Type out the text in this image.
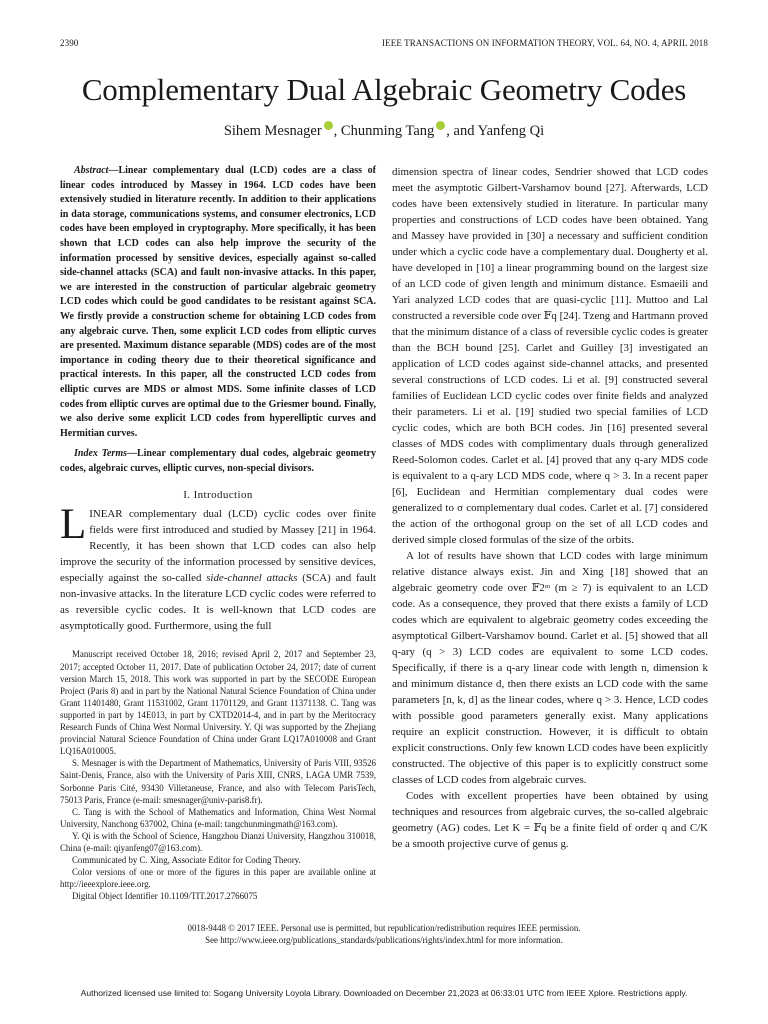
2390	IEEE TRANSACTIONS ON INFORMATION THEORY, VOL. 64, NO. 4, APRIL 2018
Complementary Dual Algebraic Geometry Codes
Sihem Mesnager , Chunming Tang , and Yanfeng Qi

Abstract—Linear complementary dual (LCD) codes are a class of linear codes introduced by Massey in 1964. LCD codes have been extensively studied in literature recently. In addition to their applications in data storage, communications systems, and consumer electronics, LCD codes have been employed in cryptography. More specifically, it has been shown that LCD codes can also help improve the security of the information processed by sensitive devices, especially against so-called side-channel attacks (SCA) and fault non-invasive attacks. In this paper, we are interested in the construction of particular algebraic geometry LCD codes which could be good candidates to be resistant against SCA. We firstly provide a construction scheme for obtaining LCD codes from any algebraic curve. Then, some explicit LCD codes from elliptic curves are presented. Maximum distance separable (MDS) codes are of the most importance in coding theory due to their theoretical significance and practical interests. In this paper, all the constructed LCD codes from elliptic curves are MDS or almost MDS. Some infinite classes of LCD codes from elliptic curves are optimal due to the Griesmer bound. Finally, we also derive some explicit LCD codes from hyperelliptic curves and Hermitian curves.

Index Terms—Linear complementary dual codes, algebraic geometry codes, algebraic curves, elliptic curves, non-special divisors.

I. Introduction

LINEAR complementary dual (LCD) cyclic codes over finite fields were first introduced and studied by Massey [21] in 1964. Recently, it has been shown that LCD codes can also help improve the security of the information processed by sensitive devices, especially against the so-called side-channel attacks (SCA) and fault non-invasive attacks. In the literature LCD cyclic codes were referred to as reversible cyclic codes. It is well-known that LCD codes are asymptotically good. Furthermore, using the full

Manuscript received October 18, 2016; revised April 2, 2017 and September 23, 2017; accepted October 11, 2017. Date of publication October 24, 2017; date of current version March 15, 2018. This work was supported in part by the SECODE European Project (Paris 8) and in part by the National Natural Science Foundation of China under Grant 11401480, Grant 11531002, Grant 11701129, and Grant 11371138. C. Tang was supported in part by 14E013, in part by CXTD2014-4, and in part by the Meritocracy Research Funds of China West Normal University. Y. Qi was supported by the Zhejiang provincial Natural Science Foundation of China under Grant LQ17A010008 and Grant LQ16A010005.

S. Mesnager is with the Department of Mathematics, University of Paris VIII, 93526 Saint-Denis, France, also with the University of Paris XIII, CNRS, LAGA UMR 7539, Sorbonne Paris Cité, 93430 Villetaneuse, France, and also with Telecom ParisTech, 75013 Paris, France (e-mail: smesnager@univ-paris8.fr).

C. Tang is with the School of Mathematics and Information, China West Normal University, Nanchong 637002, China (e-mail: tangchunmingmath@163.com).

Y. Qi is with the School of Science, Hangzhou Dianzi University, Hangzhou 310018, China (e-mail: qiyanfeng07@163.com).

Communicated by C. Xing, Associate Editor for Coding Theory.

Color versions of one or more of the figures in this paper are available online at http://ieeexplore.ieee.org.

Digital Object Identifier 10.1109/TIT.2017.2766075

dimension spectra of linear codes, Sendrier showed that LCD codes meet the asymptotic Gilbert-Varshamov bound [27]. Afterwards, LCD codes have been extensively studied in literature. In particular many properties and constructions of LCD codes have been obtained. Yang and Massey have provided in [30] a necessary and sufficient condition under which a cyclic code have a complementary dual. Dougherty et al. have developed in [10] a linear programming bound on the largest size of an LCD code of given length and minimum distance. Esmaeili and Yari analyzed LCD codes that are quasi-cyclic [11]. Muttoo and Lal constructed a reversible code over 𝔽q [24]. Tzeng and Hartmann proved that the minimum distance of a class of reversible cyclic codes is greater than the BCH bound [25]. Carlet and Guilley [3] investigated an application of LCD codes against side-channel attacks, and presented several constructions of LCD codes. Li et al. [9] constructed several families of Euclidean LCD cyclic codes over finite fields and analyzed their parameters. Li et al. [19] studied two special families of LCD cyclic codes, which are both BCH codes. Jin [16] presented several classes of MDS codes with complimentary duals through generalized Reed-Solomon codes. Carlet et al. [4] proved that any q-ary MDS code is equivalent to a q-ary LCD MDS code, where q > 3. In a recent paper [6], Euclidean and Hermitian complementary dual codes were generalized to σ complementary dual codes. Carlet et al. [7] considered the action of the orthogonal group on the set of all LCD codes and derived simple closed formulas of the size of the orbits.

A lot of results have shown that LCD codes with large minimum relative distance always exist. Jin and Xing [18] showed that an algebraic geometry code over 𝔽2ᵐ (m ≥ 7) is equivalent to an LCD code. As a consequence, they proved that there exists a family of LCD codes which are equivalent to algebraic geometry codes exceeding the asymptotical Gilbert-Varshamov bound. Carlet et al. [5] showed that all q-ary (q > 3) LCD codes are equivalent to some LCD codes. Specifically, if there is a q-ary linear code with length n, dimension k and minimum distance d, then there exists an LCD code with the same parameters [n, k, d] as the linear codes, where q > 3. Hence, LCD codes with possible good parameters generally exist. Many applications require an explicit construction. However, it is difficult to obtain explicit constructions. Only few known LCD codes have been explicitly constructed. The objective of this paper is to explicitly construct some classes of LCD codes from algebraic curves.

Codes with excellent properties have been obtained by using techniques and resources from algebraic curves, the so-called algebraic geometry (AG) codes. Let K = 𝔽q be a finite field of order q and C/K be a smooth projective curve of genus g.

0018-9448 © 2017 IEEE. Personal use is permitted, but republication/redistribution requires IEEE permission.
See http://www.ieee.org/publications_standards/publications/rights/index.html for more information.
Authorized licensed use limited to: Sogang University Loyola Library. Downloaded on December 21,2023 at 06:33:01 UTC from IEEE Xplore. Restrictions apply.
